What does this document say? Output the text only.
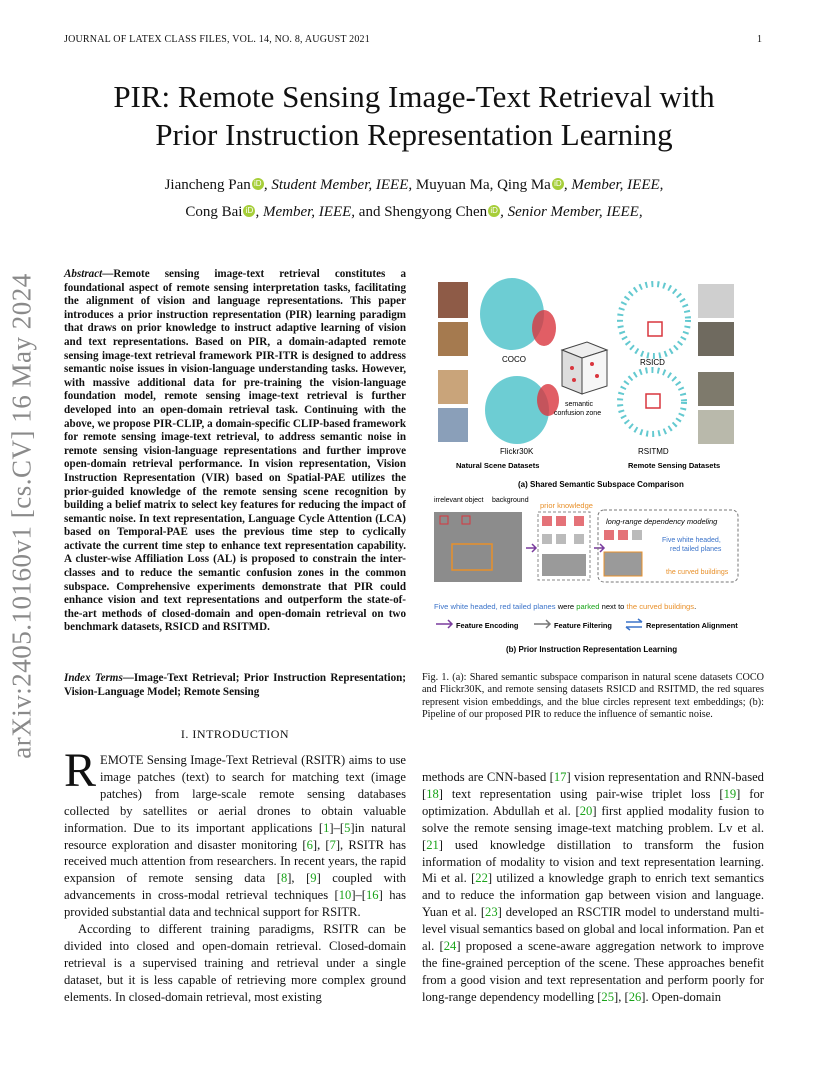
JOURNAL OF LATEX CLASS FILES, VOL. 14, NO. 8, AUGUST 2021	1
PIR: Remote Sensing Image-Text Retrieval with
Prior Instruction Representation Learning
Jiancheng Pan iD , Student Member, IEEE, Muyuan Ma, Qing Ma iD , Member, IEEE,
Cong Bai iD , Member, IEEE, and Shengyong Chen iD , Senior Member, IEEE,
arXiv:2405.10160v1 [cs.CV] 16 May 2024 Abstract—Remote sensing image-text retrieval constitutes a foundational aspect of remote sensing interpretation tasks, facilitating the alignment of vision and language representations. This paper introduces a prior instruction representation (PIR) learning paradigm that draws on prior knowledge to instruct adaptive learning of vision and text representations. Based on PIR, a domain-adapted remote sensing image-text retrieval framework PIR-ITR is designed to address semantic noise issues in vision-language understanding tasks. However, with massive additional data for pre-training the vision-language foundation model, remote sensing image-text retrieval is further developed into an open-domain retrieval task. Continuing with the above, we propose PIR-CLIP, a domain-specific CLIP-based framework for remote sensing image-text retrieval, to address semantic noise in remote sensing vision-language representations and further improve open-domain retrieval performance. In vision representation, Vision Instruction Representation (VIR) based on Spatial-PAE utilizes the prior-guided knowledge of the remote sensing scene recognition by building a belief matrix to select key features for reducing the impact of semantic noise. In text representation, Language Cycle Attention (LCA) based on Temporal-PAE uses the previous time step to cyclically activate the current time step to enhance text representation capability. A cluster-wise Affiliation Loss (AL) is proposed to constrain the inter-classes and to reduce the semantic confusion zones in the common subspace. Comprehensive experiments demonstrate that PIR could enhance vision and text representations and outperform the state-of-the-art methods of closed-domain and open-domain retrieval on two benchmark datasets, RSICD and RSITMD.
Index Terms—Image-Text Retrieval; Prior Instruction Representation; Vision-Language Model; Remote Sensing
I. INTRODUCTION

REMOTE Sensing Image-Text Retrieval (RSITR) aims to use image patches (text) to search for matching text (image patches) from large-scale remote sensing databases collected by satellites or aerial drones to obtain valuable information. Due to its important applications [1]–[5]in natural resource exploration and disaster monitoring [6], [7], RSITR has received much attention from researchers. In recent years, the rapid expansion of remote sensing data [8], [9] coupled with advancements in cross-modal retrieval techniques [10]–[16] has provided substantial data and technical support for RSITR.

According to different training paradigms, RSITR can be divided into closed and open-domain retrieval. Closed-domain retrieval is a supervised training and retrieval under a single dataset, but it is less capable of retrieving more complex ground elements. In closed-domain retrieval, most existing

COCO
Flickr30K
semantic
confusion zone
RSICD
RSITMD
Natural Scene Datasets	Remote Sensing Datasets
(a) Shared Semantic Subspace Comparison
irrelevant object background
prior knowledge
long-range dependency modeling
Five white headed,
red tailed planes
the curved buildings
Five white headed, red tailed planes were parked next to the curved buildings.
Feature Encoding	Feature Filtering	Representation Alignment
(b) Prior Instruction Representation Learning
Fig. 1. (a): Shared semantic subspace comparison in natural scene datasets COCO and Flickr30K, and remote sensing datasets RSICD and RSITMD, the red squares represent vision embeddings, and the blue circles represent text embeddings; (b): Pipeline of our proposed PIR to reduce the influence of semantic noise.

methods are CNN-based [17] vision representation and RNN-based [18] text representation using pair-wise triplet loss [19] for optimization. Abdullah et al. [20] first applied modality fusion to solve the remote sensing image-text matching problem. Lv et al. [21] used knowledge distillation to transform the fusion information of modality to vision and text representation learning. Mi et al. [22] utilized a knowledge graph to enrich text semantics and to reduce the information gap between vision and language. Yuan et al. [23] developed an RSCTIR model to understand multi-level visual semantics based on global and local information. Pan et al. [24] proposed a scene-aware aggregation network to improve the fine-grained perception of the scene. These approaches benefit from a good vision and text representation and perform poorly for long-range dependency modelling [25], [26]. Open-domain
